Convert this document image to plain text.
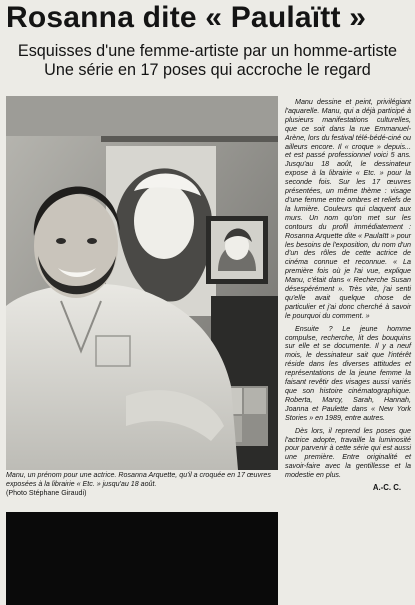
Rosanna dite « Paulaïtt »

Esquisses d'une femme-artiste par un homme-artiste

Une série en 17 poses qui accroche le regard

Manu, un prénom pour une actrice. Rosanna Arquette, qu'il a croquée en 17 œuvres exposées à la librairie « Etc. » jusqu'au 18 août.
(Photo Stéphane Giraudi)

Manu dessine et peint, privilégiant l'aquarelle. Manu, qui a déjà participé à plusieurs manifestations culturelles, que ce soit dans la rue Emmanuel-Arène, lors du festival télé-bédé-ciné ou ailleurs encore. Il « croque » depuis... et est passé professionnel voici 5 ans. Jusqu'au 18 août, le dessinateur expose à la librairie « Etc. » pour la seconde fois. Sur les 17 œuvres présentées, un même thème : visage d'une femme entre ombres et reliefs de la lumière. Couleurs qui claquent aux murs. Un nom qu'on met sur les contours du profil immédiatement : Rosanna Arquette dite « Paulaïtt » pour les besoins de l'exposition, du nom d'un d'un des rôles de cette actrice de cinéma connue et reconnue. « La première fois où je l'ai vue, explique Manu, c'était dans « Recherche Susan désespérément ». Très vite, j'ai senti qu'elle avait quelque chose de particulier et j'ai donc cherché à savoir le pourquoi du comment. »

Ensuite ? Le jeune homme compulse, recherche, lit des bouquins sur elle et se documente. Il y a neuf mois, le dessinateur sait que l'intérêt réside dans les diverses attitudes et représentations de la jeune femme la faisant revêtir des visages aussi variés que son histoire cinématographique. Roberta, Marcy, Sarah, Hannah, Joanna et Paulette dans « New York Stories » en 1989, entre autres.

Dès lors, il reprend les poses que l'actrice adopte, travaille la luminosité pour parvenir à cette série qui est aussi une première. Entre originalité et savoir-faire avec la gentillesse et la modestie en plus.

A.-C. C.
